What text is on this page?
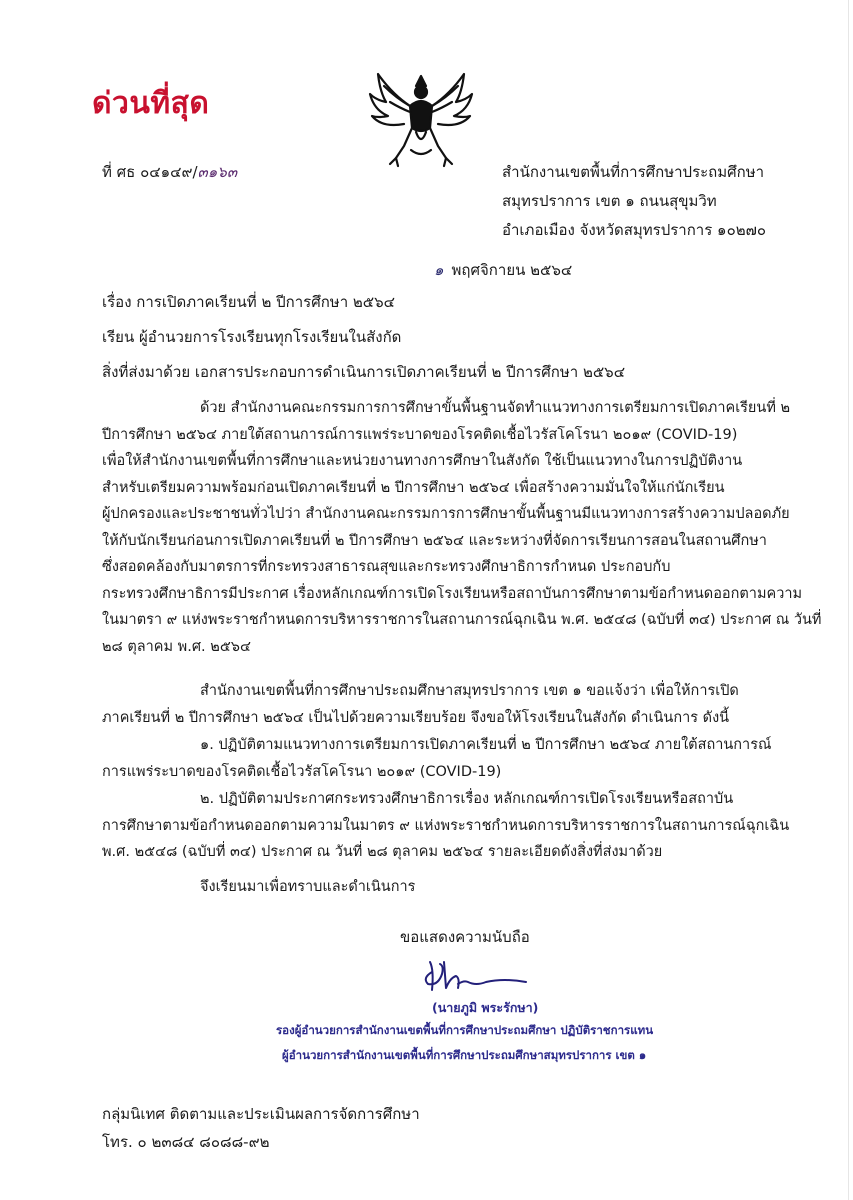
ด่วนที่สุด
ที่ ศธ ๐๔๑๔๙/๓๑๖๓	สำนักงานเขตพื้นที่การศึกษาประถมศึกษา
สมุทรปราการ เขต ๑ ถนนสุขุมวิท
อำเภอเมือง จังหวัดสมุทรปราการ ๑๐๒๗๐
๑ พฤศจิกายน ๒๕๖๔
เรื่อง การเปิดภาคเรียนที่ ๒ ปีการศึกษา ๒๕๖๔
เรียน ผู้อำนวยการโรงเรียนทุกโรงเรียนในสังกัด
สิ่งที่ส่งมาด้วย เอกสารประกอบการดำเนินการเปิดภาคเรียนที่ ๒ ปีการศึกษา ๒๕๖๔

ด้วย สำนักงานคณะกรรมการการศึกษาขั้นพื้นฐานจัดทำแนวทางการเตรียมการเปิดภาคเรียนที่ ๒

ปีการศึกษา ๒๕๖๔ ภายใต้สถานการณ์การแพร่ระบาดของโรคติดเชื้อไวรัสโคโรนา ๒๐๑๙ (COVID-19)

เพื่อให้สำนักงานเขตพื้นที่การศึกษาและหน่วยงานทางการศึกษาในสังกัด ใช้เป็นแนวทางในการปฏิบัติงาน

สำหรับเตรียมความพร้อมก่อนเปิดภาคเรียนที่ ๒ ปีการศึกษา ๒๕๖๔ เพื่อสร้างความมั่นใจให้แก่นักเรียน

ผู้ปกครองและประชาชนทั่วไปว่า สำนักงานคณะกรรมการการศึกษาขั้นพื้นฐานมีแนวทางการสร้างความปลอดภัย

ให้กับนักเรียนก่อนการเปิดภาคเรียนที่ ๒ ปีการศึกษา ๒๕๖๔ และระหว่างที่จัดการเรียนการสอนในสถานศึกษา

ซึ่งสอดคล้องกับมาตรการที่กระทรวงสาธารณสุขและกระทรวงศึกษาธิการกำหนด ประกอบกับ

กระทรวงศึกษาธิการมีประกาศ เรื่องหลักเกณฑ์การเปิดโรงเรียนหรือสถาบันการศึกษาตามข้อกำหนดออกตามความ

ในมาตรา ๙ แห่งพระราชกำหนดการบริหารราชการในสถานการณ์ฉุกเฉิน พ.ศ. ๒๕๔๘ (ฉบับที่ ๓๔) ประกาศ ณ วันที่

๒๘ ตุลาคม พ.ศ. ๒๕๖๔

สำนักงานเขตพื้นที่การศึกษาประถมศึกษาสมุทรปราการ เขต ๑ ขอแจ้งว่า เพื่อให้การเปิด

ภาคเรียนที่ ๒ ปีการศึกษา ๒๕๖๔ เป็นไปด้วยความเรียบร้อย จึงขอให้โรงเรียนในสังกัด ดำเนินการ ดังนี้

๑. ปฏิบัติตามแนวทางการเตรียมการเปิดภาคเรียนที่ ๒ ปีการศึกษา ๒๕๖๔ ภายใต้สถานการณ์

การแพร่ระบาดของโรคติดเชื้อไวรัสโคโรนา ๒๐๑๙ (COVID-19)

๒. ปฏิบัติตามประกาศกระทรวงศึกษาธิการเรื่อง หลักเกณฑ์การเปิดโรงเรียนหรือสถาบัน

การศึกษาตามข้อกำหนดออกตามความในมาตร ๙ แห่งพระราชกำหนดการบริหารราชการในสถานการณ์ฉุกเฉิน

พ.ศ. ๒๕๔๘ (ฉบับที่ ๓๔) ประกาศ ณ วันที่ ๒๘ ตุลาคม ๒๕๖๔ รายละเอียดดังสิ่งที่ส่งมาด้วย

จึงเรียนมาเพื่อทราบและดำเนินการ

ขอแสดงความนับถือ
(นายภูมิ พระรักษา)
รองผู้อำนวยการสำนักงานเขตพื้นที่การศึกษาประถมศึกษา ปฏิบัติราชการแทน
ผู้อำนวยการสำนักงานเขตพื้นที่การศึกษาประถมศึกษาสมุทรปราการ เขต ๑
กลุ่มนิเทศ ติดตามและประเมินผลการจัดการศึกษา
โทร. ๐ ๒๓๘๔ ๘๐๘๘-๙๒
